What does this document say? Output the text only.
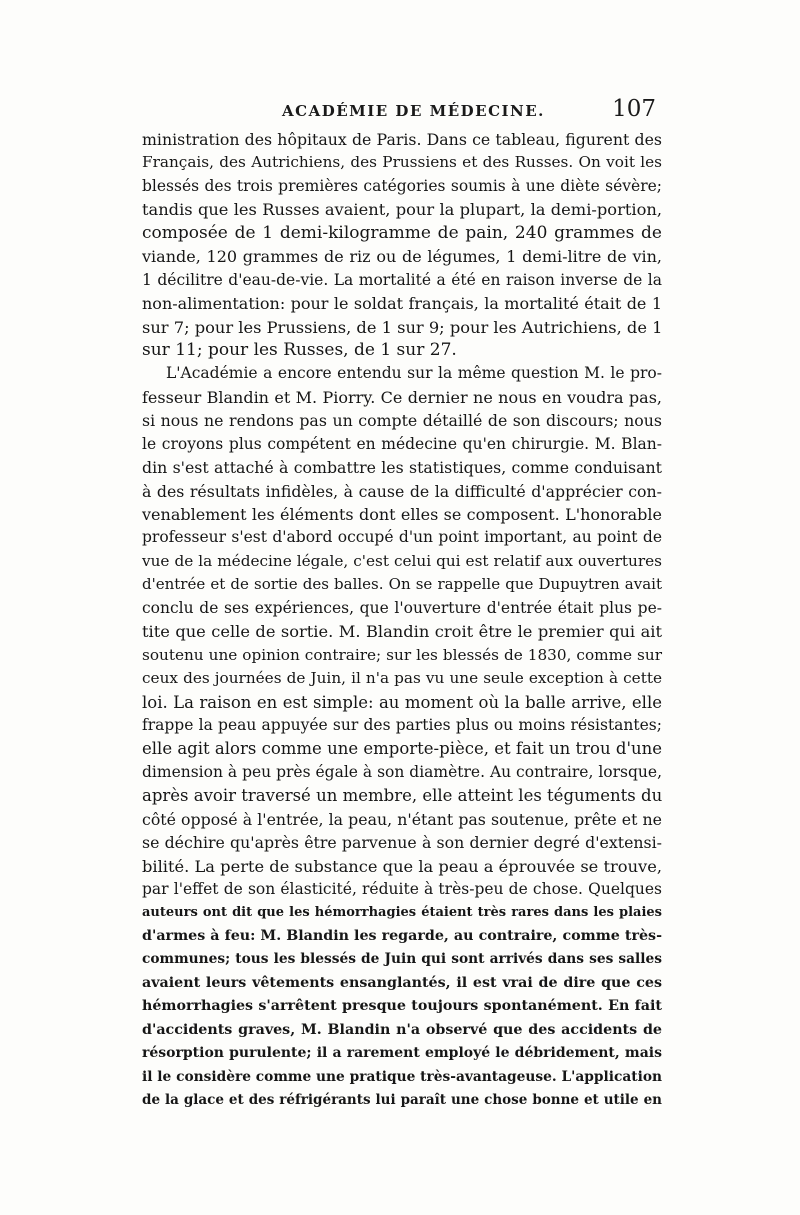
ACADÉMIE DE MÉDECINE.	107
ministration des hôpitaux de Paris. Dans ce tableau, figurent des
Français, des Autrichiens, des Prussiens et des Russes. On voit les
blessés des trois premières catégories soumis à une diète sévère;
tandis que les Russes avaient, pour la plupart, la demi-portion,
composée de 1 demi-kilogramme de pain, 240 grammes de
viande, 120 grammes de riz ou de légumes, 1 demi-litre de vin,
1 décilitre d'eau-de-vie. La mortalité a été en raison inverse de la
non-alimentation: pour le soldat français, la mortalité était de 1
sur 7; pour les Prussiens, de 1 sur 9; pour les Autrichiens, de 1
sur 11; pour les Russes, de 1 sur 27.
L'Académie a encore entendu sur la même question M. le pro-
fesseur Blandin et M. Piorry. Ce dernier ne nous en voudra pas,
si nous ne rendons pas un compte détaillé de son discours; nous
le croyons plus compétent en médecine qu'en chirurgie. M. Blan-
din s'est attaché à combattre les statistiques, comme conduisant
à des résultats infidèles, à cause de la difficulté d'apprécier con-
venablement les éléments dont elles se composent. L'honorable
professeur s'est d'abord occupé d'un point important, au point de
vue de la médecine légale, c'est celui qui est relatif aux ouvertures
d'entrée et de sortie des balles. On se rappelle que Dupuytren avait
conclu de ses expériences, que l'ouverture d'entrée était plus pe-
tite que celle de sortie. M. Blandin croit être le premier qui ait
soutenu une opinion contraire; sur les blessés de 1830, comme sur
ceux des journées de Juin, il n'a pas vu une seule exception à cette
loi. La raison en est simple: au moment où la balle arrive, elle
frappe la peau appuyée sur des parties plus ou moins résistantes;
elle agit alors comme une emporte-pièce, et fait un trou d'une
dimension à peu près égale à son diamètre. Au contraire, lorsque,
après avoir traversé un membre, elle atteint les téguments du
côté opposé à l'entrée, la peau, n'étant pas soutenue, prête et ne
se déchire qu'après être parvenue à son dernier degré d'extensi-
bilité. La perte de substance que la peau a éprouvée se trouve,
par l'effet de son élasticité, réduite à très-peu de chose. Quelques
auteurs ont dit que les hémorrhagies étaient très rares dans les plaies
d'armes à feu: M. Blandin les regarde, au contraire, comme très-
communes; tous les blessés de Juin qui sont arrivés dans ses salles
avaient leurs vêtements ensanglantés, il est vrai de dire que ces
hémorrhagies s'arrêtent presque toujours spontanément. En fait
d'accidents graves, M. Blandin n'a observé que des accidents de
résorption purulente; il a rarement employé le débridement, mais
il le considère comme une pratique très-avantageuse. L'application
de la glace et des réfrigérants lui paraît une chose bonne et utile en
